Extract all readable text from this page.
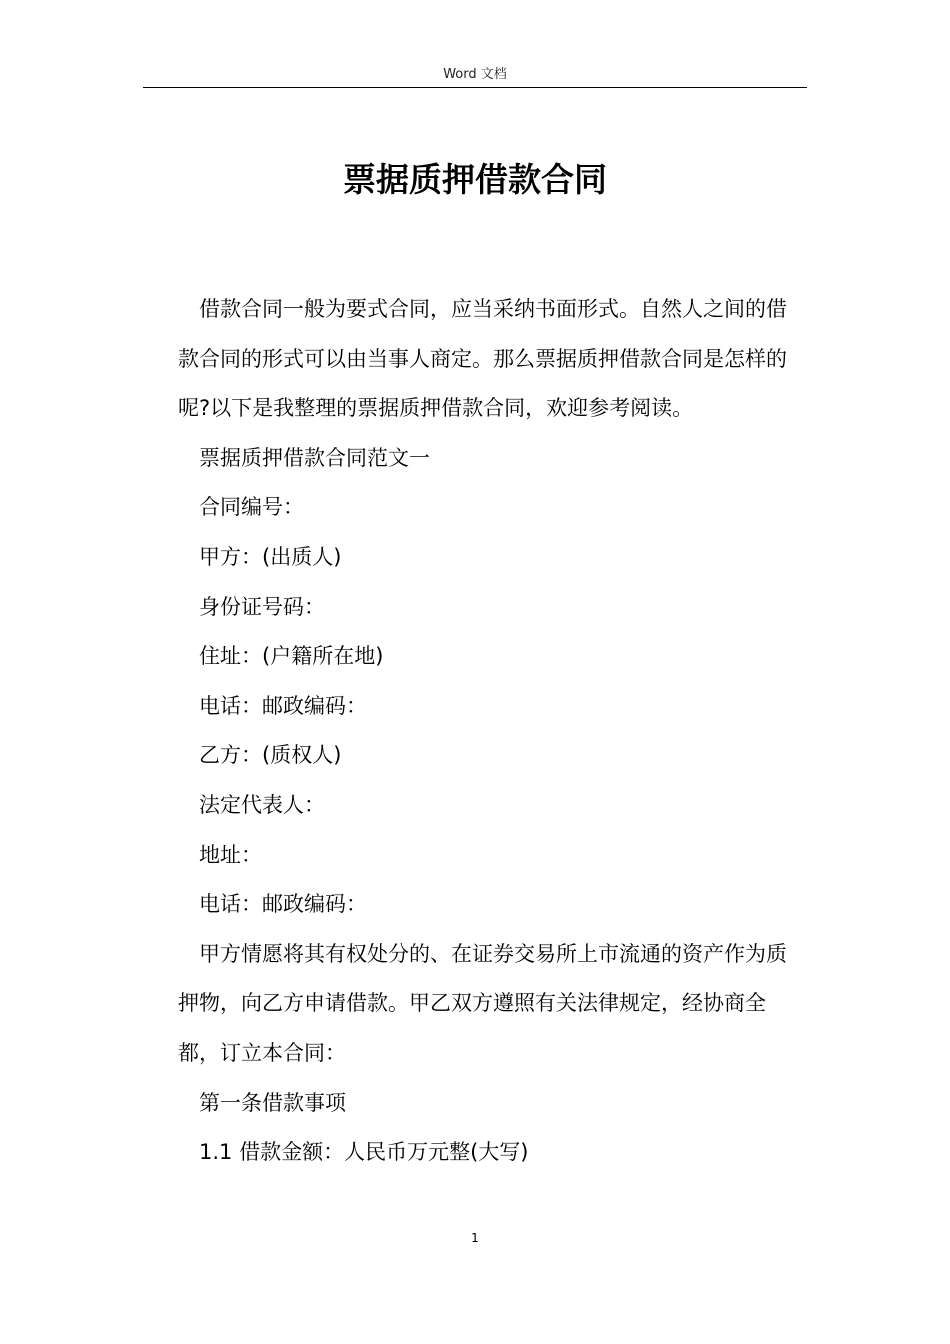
Word 文档
票据质押借款合同

借款合同一般为要式合同，应当采纳书面形式。自然人之间的借款合同的形式可以由当事人商定。那么票据质押借款合同是怎样的呢?以下是我整理的票据质押借款合同，欢迎参考阅读。

票据质押借款合同范文一

合同编号：

甲方：(出质人)

身份证号码：

住址：(户籍所在地)

电话：邮政编码：

乙方：(质权人)

法定代表人：

地址：

电话：邮政编码：

甲方情愿将其有权处分的、在证券交易所上市流通的资产作为质押物，向乙方申请借款。甲乙双方遵照有关法律规定，经协商全都，订立本合同：

第一条借款事项

1.1 借款金额：人民币万元整(大写)

1
